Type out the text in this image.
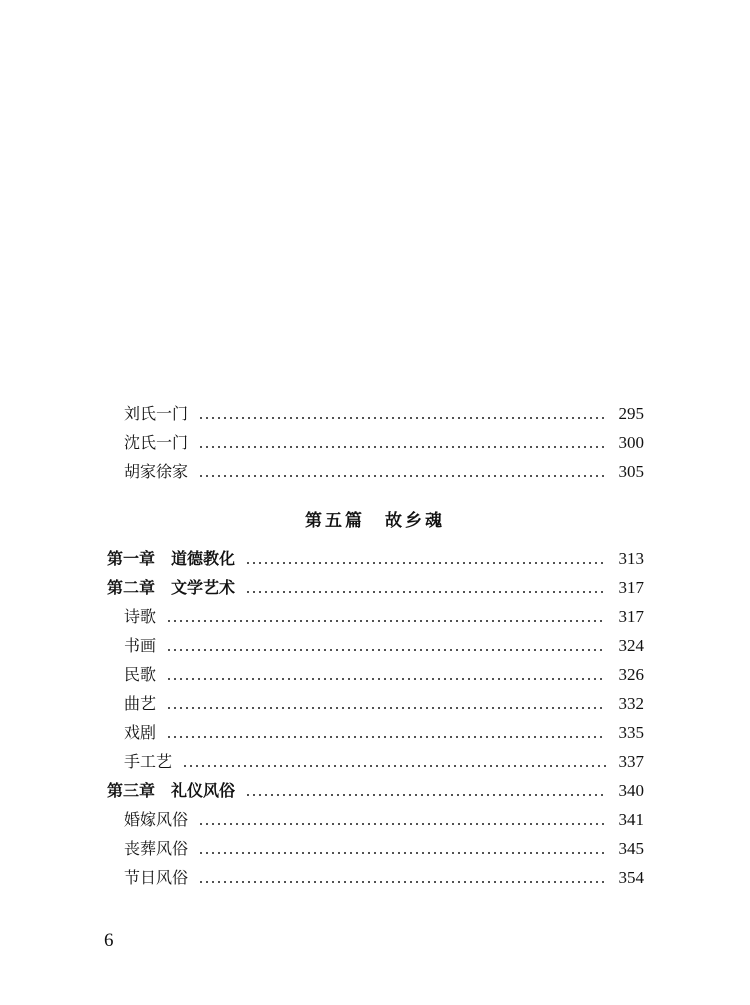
刘氏一门	295
沈氏一门	300
胡家徐家	305
第五篇　故乡魂
第一章　道德教化	313
第二章　文学艺术	317
诗歌	317
书画	324
民歌	326
曲艺	332
戏剧	335
手工艺	337
第三章　礼仪风俗	340
婚嫁风俗	341
丧葬风俗	345
节日风俗	354
6
